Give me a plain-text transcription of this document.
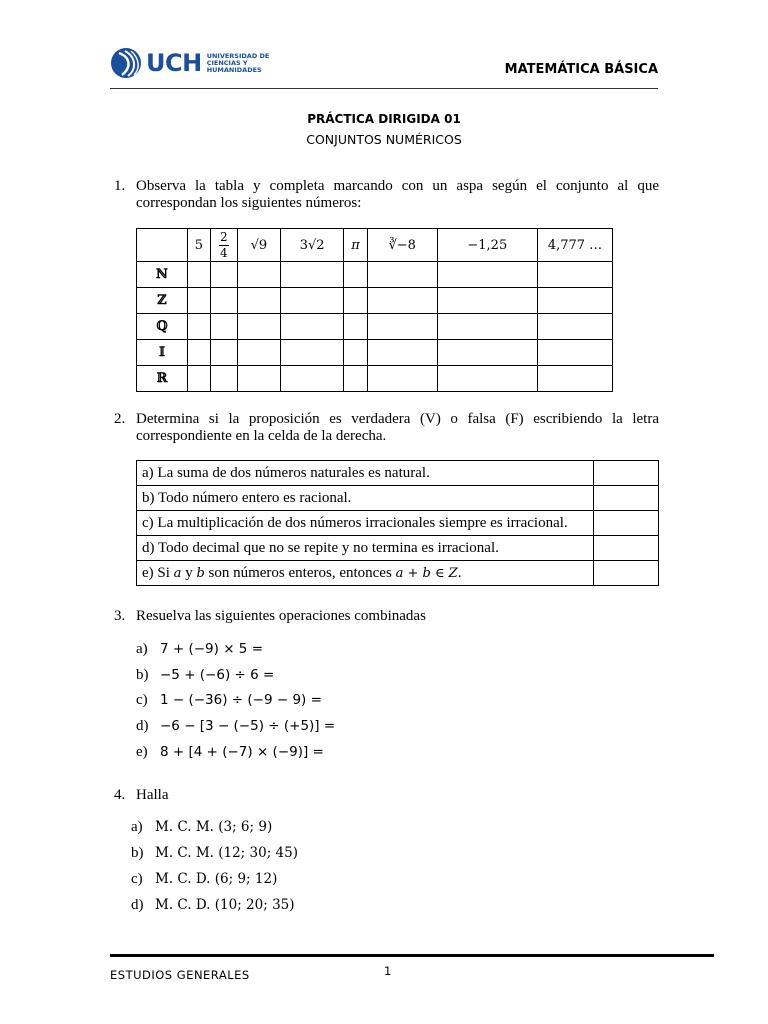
UCH UNIVERSIDAD DE
CIENCIAS Y
HUMANIDADES	MATEMÁTICA BÁSICA
PRÁCTICA DIRIGIDA 01
CONJUNTOS NUMÉRICOS
1. Observa la tabla y completa marcando con un aspa según el conjunto al que correspondan los siguientes números:
	5	$\frac{2}{4}$	√9	3√2	π	∛−8	−1,25	4,777 …
ℕ								
ℤ								
ℚ								
𝕀								
ℝ								
2. Determina si la proposición es verdadera (V) o falsa (F) escribiendo la letra correspondiente en la celda de la derecha.
a) La suma de dos números naturales es natural.	
b) Todo número entero es racional.	
c) La multiplicación de dos números irracionales siempre es irracional.	
d) Todo decimal que no se repite y no termina es irracional.	
e) Si a y b son números enteros, entonces a + b ∈ Z.	
3. Resuelva las siguientes operaciones combinadas
a) 7 + (−9) × 5 =
b) −5 + (−6) ÷ 6 =
c) 1 − (−36) ÷ (−9 − 9) =
d) −6 − [3 − (−5) ÷ (+5)] =
e) 8 + [4 + (−7) × (−9)] =
4. Halla
a) M. C. M. (3; 6; 9)
b) M. C. M. (12; 30; 45)
c) M. C. D. (6; 9; 12)
d) M. C. D. (10; 20; 35)
ESTUDIOS GENERALES	1
